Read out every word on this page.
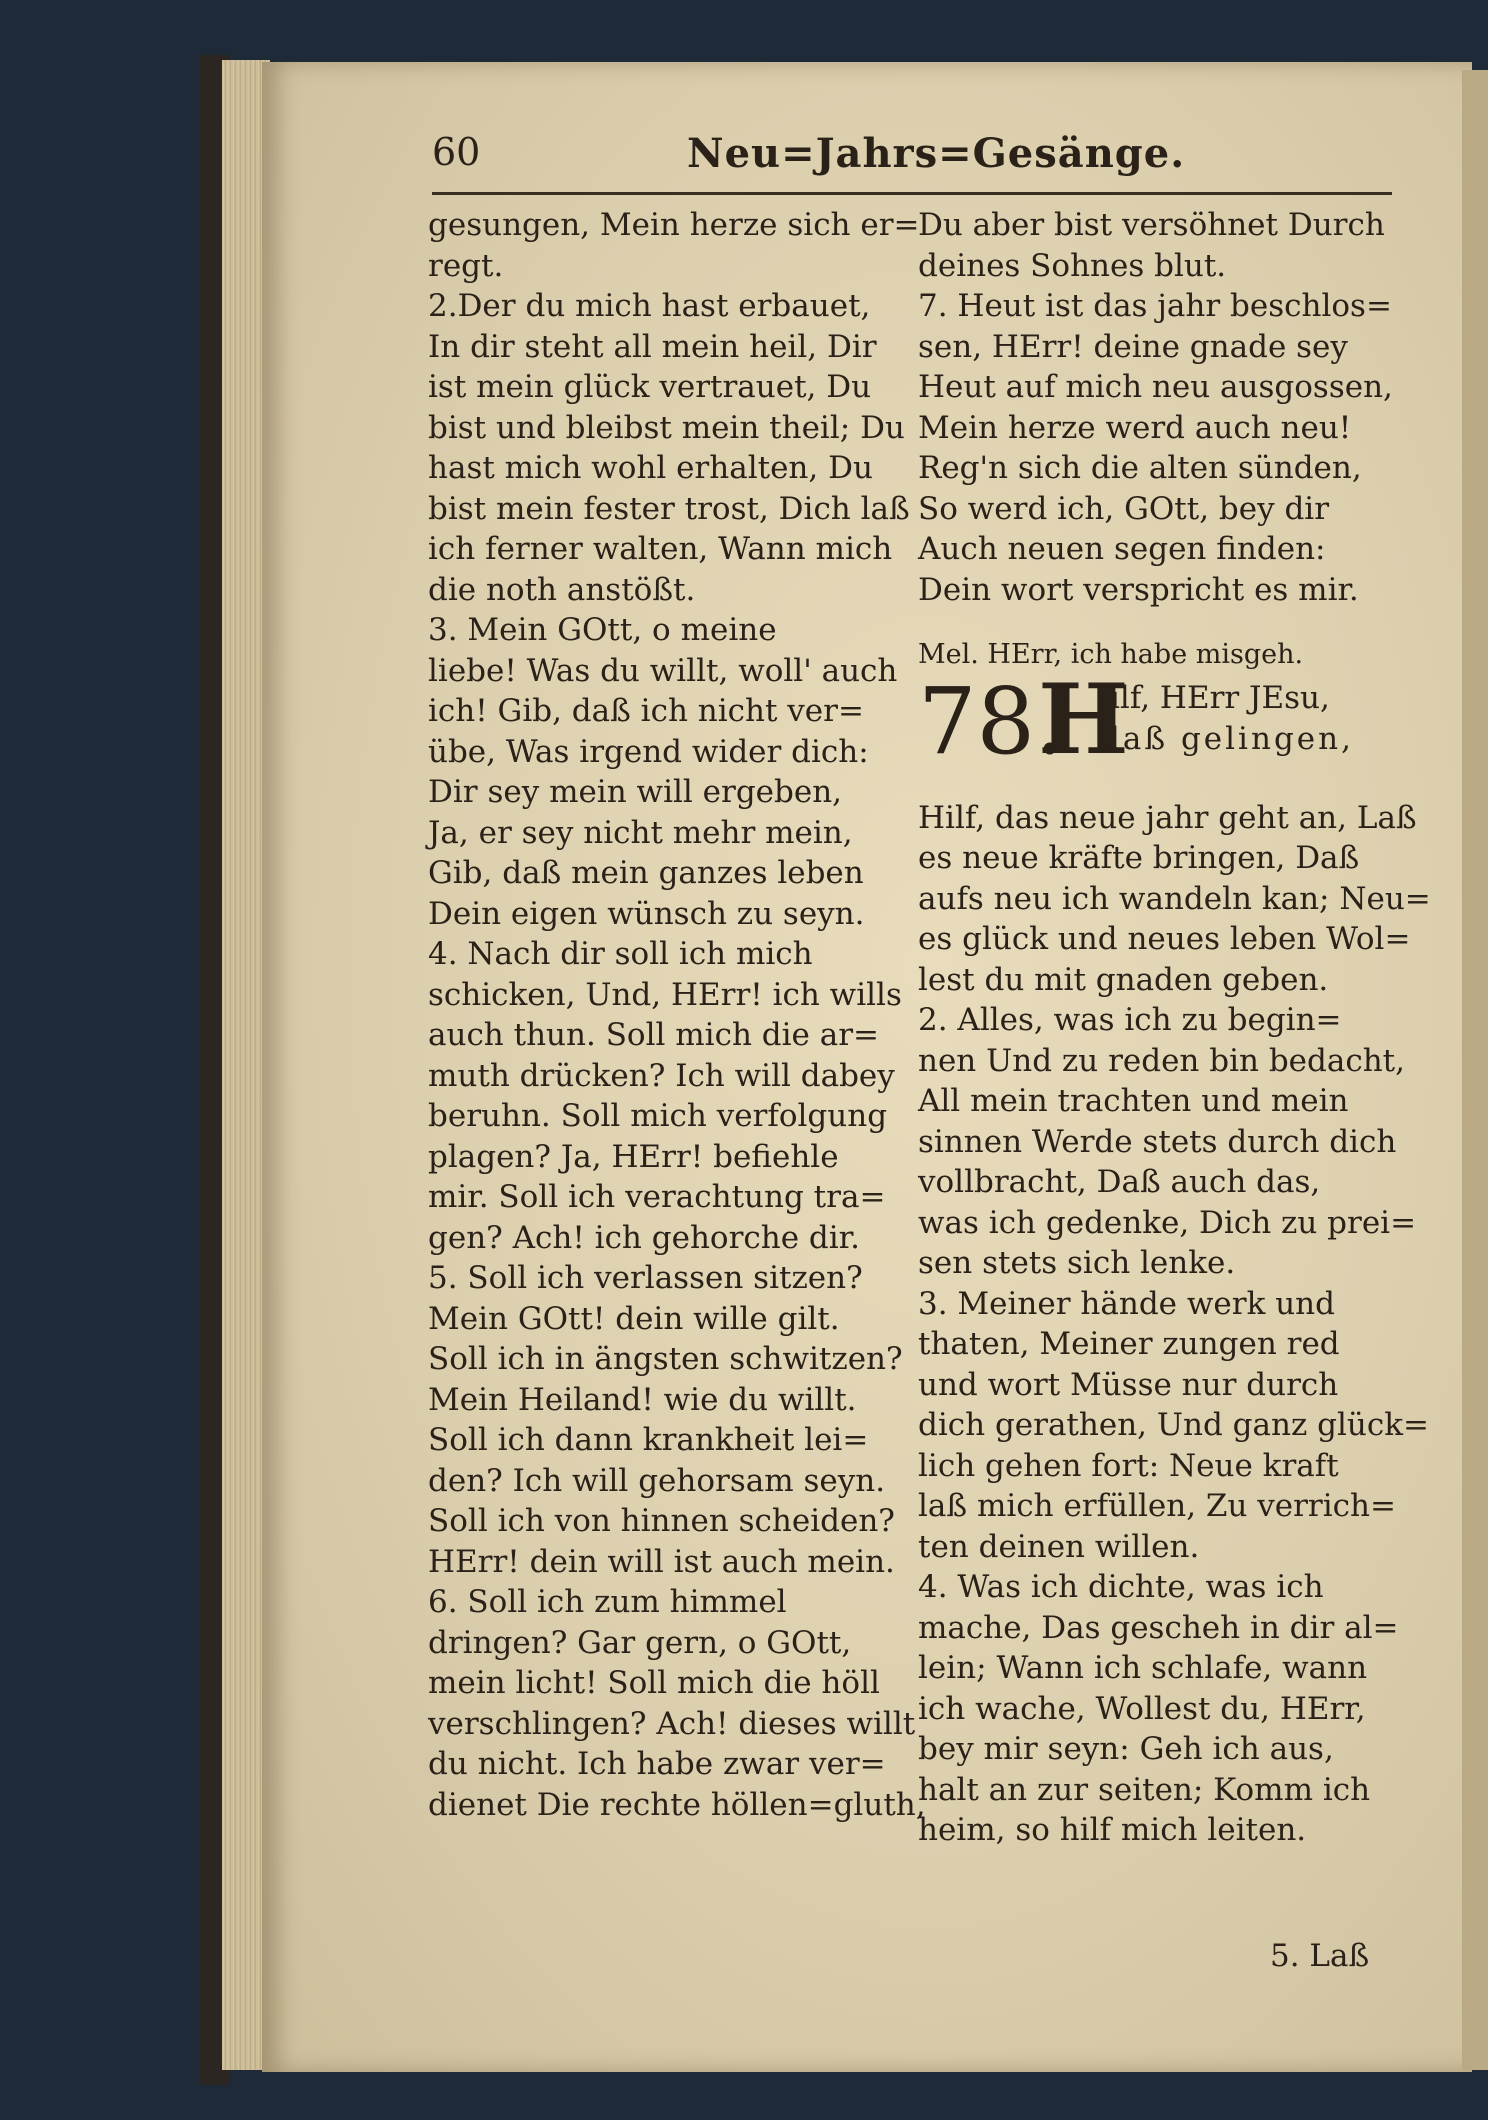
60	Neu=Jahrs=Gesänge.
gesungen, Mein herze sich er=
regt.
2.Der du mich hast erbauet,
In dir steht all mein heil, Dir
ist mein glück vertrauet, Du
bist und bleibst mein theil; Du
hast mich wohl erhalten, Du
bist mein fester trost, Dich laß
ich ferner walten, Wann mich
die noth anstößt.
3. Mein GOtt, o meine
liebe! Was du willt, woll' auch
ich! Gib, daß ich nicht ver=
übe, Was irgend wider dich:
Dir sey mein will ergeben,
Ja, er sey nicht mehr mein,
Gib, daß mein ganzes leben
Dein eigen wünsch zu seyn.
4. Nach dir soll ich mich
schicken, Und, HErr! ich wills
auch thun. Soll mich die ar=
muth drücken? Ich will dabey
beruhn. Soll mich verfolgung
plagen? Ja, HErr! befiehle
mir. Soll ich verachtung tra=
gen? Ach! ich gehorche dir.
5. Soll ich verlassen sitzen?
Mein GOtt! dein wille gilt.
Soll ich in ängsten schwitzen?
Mein Heiland! wie du willt.
Soll ich dann krankheit lei=
den? Ich will gehorsam seyn.
Soll ich von hinnen scheiden?
HErr! dein will ist auch mein.
6. Soll ich zum himmel
dringen? Gar gern, o GOtt,
mein licht! Soll mich die höll
verschlingen? Ach! dieses willt
du nicht. Ich habe zwar ver=
dienet Die rechte höllen=gluth,
Du aber bist versöhnet Durch
deines Sohnes blut.
7. Heut ist das jahr beschlos=
sen, HErr! deine gnade sey
Heut auf mich neu ausgossen,
Mein herze werd auch neu!
Reg'n sich die alten sünden,
So werd ich, GOtt, bey dir
Auch neuen segen finden:
Dein wort verspricht es mir.
Mel. HErr, ich habe misgeh.
78.
H
ilf, HErr JEsu,
laß gelingen,
Hilf, das neue jahr geht an, Laß
es neue kräfte bringen, Daß
aufs neu ich wandeln kan; Neu=
es glück und neues leben Wol=
lest du mit gnaden geben.
2. Alles, was ich zu begin=
nen Und zu reden bin bedacht,
All mein trachten und mein
sinnen Werde stets durch dich
vollbracht, Daß auch das,
was ich gedenke, Dich zu prei=
sen stets sich lenke.
3. Meiner hände werk und
thaten, Meiner zungen red
und wort Müsse nur durch
dich gerathen, Und ganz glück=
lich gehen fort: Neue kraft
laß mich erfüllen, Zu verrich=
ten deinen willen.
4. Was ich dichte, was ich
mache, Das gescheh in dir al=
lein; Wann ich schlafe, wann
ich wache, Wollest du, HErr,
bey mir seyn: Geh ich aus,
halt an zur seiten; Komm ich
heim, so hilf mich leiten.
5. Laß
